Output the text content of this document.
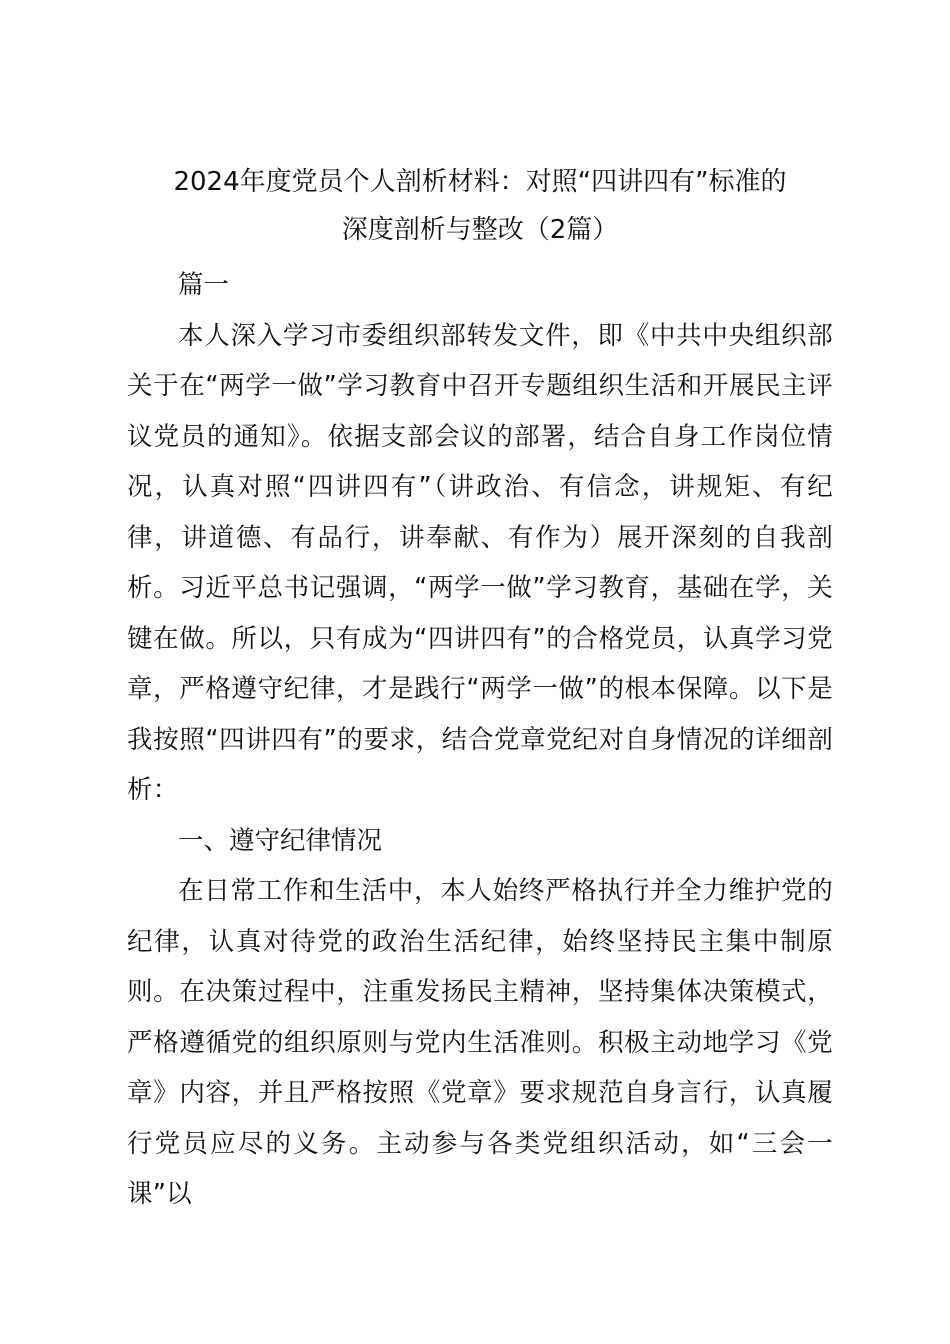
2024年度党员个人剖析材料：对照“四讲四有”标准的
深度剖析与整改（2篇）

篇一

本人深入学习市委组织部转发文件，即《中共中央组织部关于在“两学一做”学习教育中召开专题组织生活和开展民主评议党员的通知》。依据支部会议的部署，结合自身工作岗位情况，认真对照“四讲四有”（讲政治、有信念，讲规矩、有纪律，讲道德、有品行，讲奉献、有作为）展开深刻的自我剖析。习近平总书记强调，“两学一做”学习教育，基础在学，关键在做。所以，只有成为“四讲四有”的合格党员，认真学习党章，严格遵守纪律，才是践行“两学一做”的根本保障。以下是我按照“四讲四有”的要求，结合党章党纪对自身情况的详细剖析：

一、遵守纪律情况

在日常工作和生活中，本人始终严格执行并全力维护党的纪律，认真对待党的政治生活纪律，始终坚持民主集中制原则。在决策过程中，注重发扬民主精神，坚持集体决策模式，严格遵循党的组织原则与党内生活准则。积极主动地学习《党章》内容，并且严格按照《党章》要求规范自身言行，认真履行党员应尽的义务。主动参与各类党组织活动，如“三会一课”以
